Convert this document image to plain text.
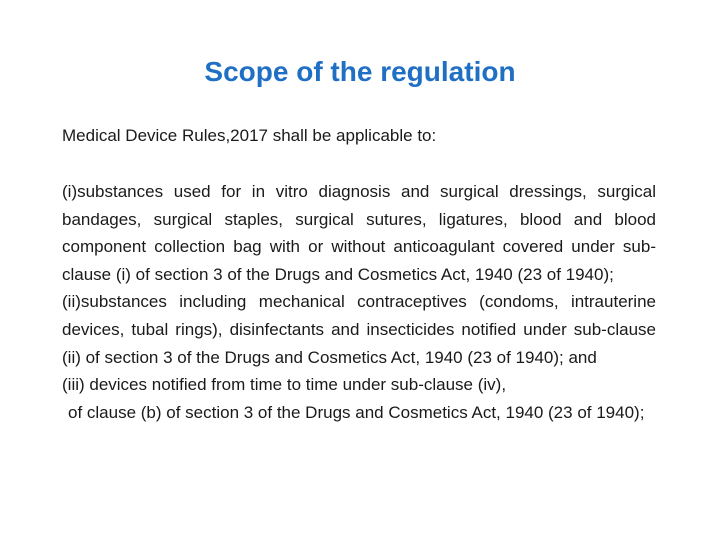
Scope of the regulation

Medical Device Rules,2017 shall be applicable to:

(i)substances used for in vitro diagnosis and surgical dressings, surgical bandages, surgical staples, surgical sutures, ligatures, blood and blood component collection bag with or without anticoagulant covered under sub-clause (i) of section 3 of the Drugs and Cosmetics Act, 1940 (23 of 1940);

(ii)substances including mechanical contraceptives (condoms, intrauterine devices, tubal rings), disinfectants and insecticides notified under sub-clause (ii) of section 3 of the Drugs and Cosmetics Act, 1940 (23 of 1940); and

(iii) devices notified from time to time under sub-clause (iv),

of clause (b) of section 3 of the Drugs and Cosmetics Act, 1940 (23 of 1940);
